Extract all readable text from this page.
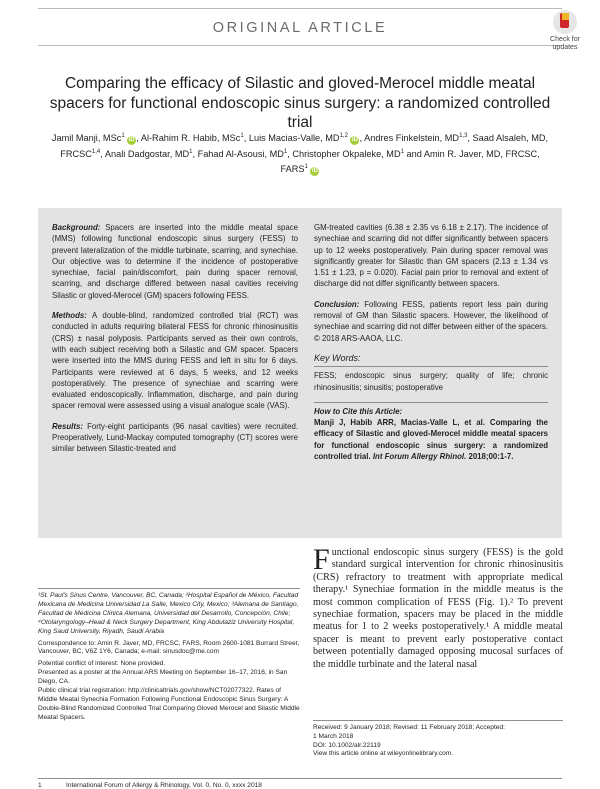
ORIGINAL ARTICLE
Check for
updates
Comparing the efficacy of Silastic and gloved-Merocel middle meatal spacers for functional endoscopic sinus surgery: a randomized controlled trial
Jamil Manji, MSc$^1$ iD , Al-Rahim R. Habib, MSc$^1$, Luis Macias-Valle, MD$^{1,2}$ iD , Andres Finkelstein, MD$^{1,3}$, Saad Alsaleh, MD, FRCSC$^{1,4}$, Anali Dadgostar, $MD^1$, Fahad Al-Asousi, $MD^1$, Christopher Okpaleke, $MD^1$ and Amin R. Javer, MD, FRCSC, FARS$^1$ iD

Background: Spacers are inserted into the middle meatal space (MMS) following functional endoscopic sinus surgery (FESS) to prevent lateralization of the middle turbinate, scarring, and synechiae. Our objective was to determine if the incidence of postoperative synechiae, facial pain/discomfort, pain during spacer removal, scarring, and discharge differed between nasal cavities receiving Silastic or gloved-Merocel (GM) spacers following FESS.

Methods: A double-blind, randomized controlled trial (RCT) was conducted in adults requiring bilateral FESS for chronic rhinosinusitis (CRS) ± nasal polyposis. Participants served as their own controls, with each subject receiving both a Silastic and GM spacer. Spacers were inserted into the MMS during FESS and left in situ for 6 days. Participants were reviewed at 6 days, 5 weeks, and 12 weeks postoperatively. The presence of synechiae and scarring were evaluated endoscopically. Inflammation, discharge, and pain during spacer removal were assessed using a visual analogue scale (VAS).

Results: Forty-eight participants (96 nasal cavities) were recruited. Preoperatively, Lund-Mackay computed tomography (CT) scores were similar between Silastic-treated and

GM-treated cavities (6.38 ± 2.35 vs 6.18 ± 2.17). The incidence of synechiae and scarring did not differ significantly between spacers up to 12 weeks postoperatively. Pain during spacer removal was significantly greater for Silastic than GM spacers (2.13 ± 1.34 vs 1.51 ± 1.23, p = 0.020). Facial pain prior to removal and extent of discharge did not differ significantly between spacers.

Conclusion: Following FESS, patients report less pain during removal of GM than Silastic spacers. However, the likelihood of synechiae and scarring did not differ between either of the spacers. © 2018 ARS-AAOA, LLC.

Key Words:

FESS; endoscopic sinus surgery; quality of life; chronic rhinosinusitis; sinusitis; postoperative

How to Cite this Article:

Manji J, Habib ARR, Macias-Valle L, et al. Comparing the efficacy of Silastic and gloved-Merocel middle meatal spacers for functional endoscopic sinus surgery: a randomized controlled trial. Int Forum Allergy Rhinol. 2018;00:1-7.

Functional endoscopic sinus surgery (FESS) is the gold standard surgical intervention for chronic rhinosinusitis (CRS) refractory to treatment with appropriate medical therapy.¹ Synechiae formation in the middle meatus is the most common complication of FESS (Fig. 1).² To prevent synechiae formation, spacers may be placed in the middle meatus for 1 to 2 weeks postoperatively.¹ A middle meatal spacer is meant to prevent early postoperative contact between potentially damaged opposing mucosal surfaces of the middle turbinate and the lateral nasal

¹St. Paul's Sinus Centre, Vancouver, BC, Canada; ²Hospital Español de México, Facultad Mexicana de Medicina Universidad La Salle, Mexico City, Mexico; ³Alemana de Santiago, Facultad de Medicina Clínica Alemana, Universidad del Desarrollo, Concepción, Chile; ⁴Otolaryngology–Head & Neck Surgery Department, King Abdulaziz University Hospital, King Saud University, Riyadh, Saudi Arabia

Correspondence to: Amin R. Javer, MD, FRCSC, FARS, Room 2600-1081 Burrard Street, Vancouver, BC, V6Z 1Y6, Canada; e-mail: sinusdoc@me.com

Potential conflict of interest: None provided.

Presented as a poster at the Annual ARS Meeting on September 16–17, 2016, in San Diego, CA.

Public clinical trial registration: http://clinicaltrials.gov/show/NCT02077322. Rates of Middle Meatal Synechia Formation Following Functional Endoscopic Sinus Surgery: A Double-Blind Randomized Controlled Trial Comparing Gloved Merocel and Silastic Middle Meatal Spacers.

Received: 9 January 2018; Revised: 11 February 2018; Accepted:
1 March 2018
DOI: 10.1002/alr.22119
View this article online at wileyonlinelibrary.com.
1	International Forum of Allergy & Rhinology, Vol. 0, No. 0, xxxx 2018
